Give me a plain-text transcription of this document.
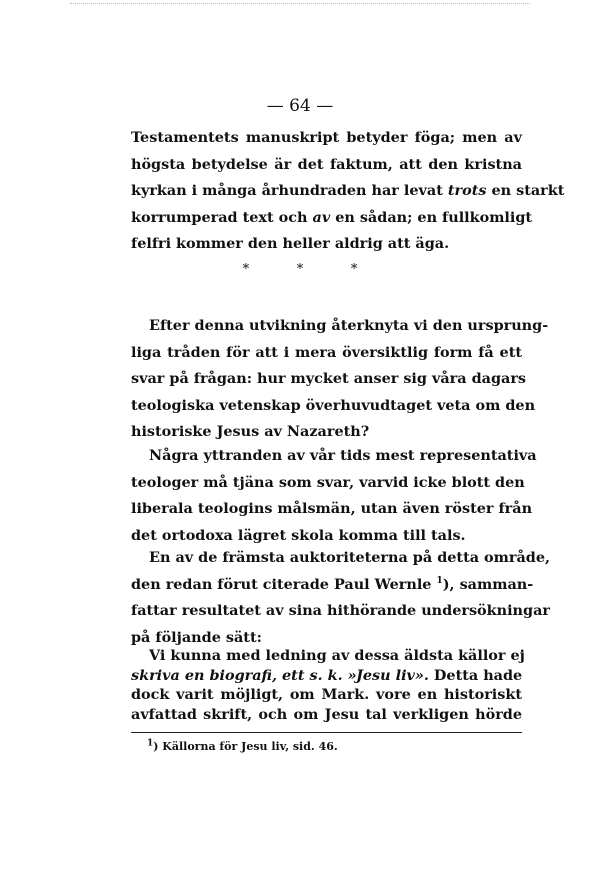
— 64 —

Testamentets manuskript betyder föga; men av
högsta betydelse är det faktum, att den kristna
kyrkan i många århundraden har levat trots en starkt
korrumperad text och av en sådan; en fullkomligt
felfri kommer den heller aldrig att äga.

*	*	*

Efter denna utvikning återknyta vi den ursprung-
liga tråden för att i mera översiktlig form få ett
svar på frågan: hur mycket anser sig våra dagars
teologiska vetenskap överhuvudtaget veta om den
historiske Jesus av Nazareth?

Några yttranden av vår tids mest representativa
teologer må tjäna som svar, varvid icke blott den
liberala teologins målsmän, utan även röster från
det ortodoxa lägret skola komma till tals.

En av de främsta auktoriteterna på detta område,
den redan förut citerade Paul Wernle $^1$), samman-
fattar resultatet av sina hithörande undersökningar
på följande sätt:

Vi kunna med ledning av dessa äldsta källor ej
skriva en biografi, ett s. k. »Jesu liv». Detta hade
dock varit möjligt, om Mark. vore en historiskt
avfattad skrift, och om Jesu tal verkligen hörde

$^1$) Källorna för Jesu liv, sid. 46.
